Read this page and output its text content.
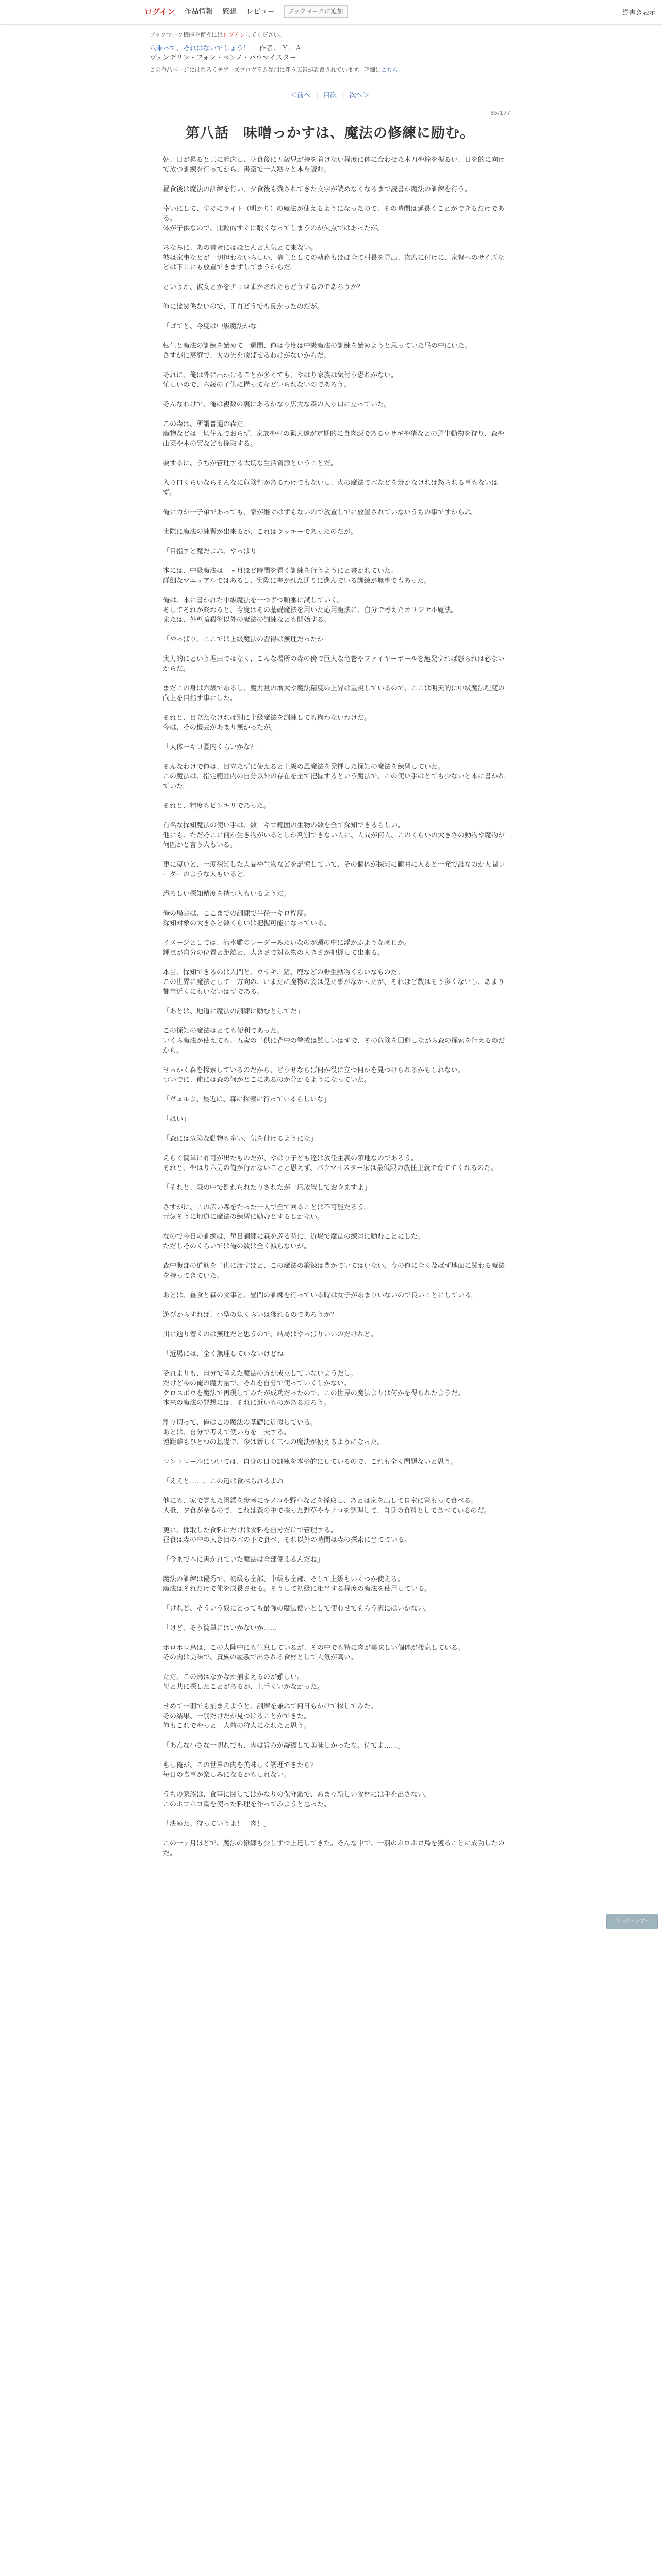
ログイン 作品情報 感想 レビュー
ブックマークに追加	縦書き表示
ブックマーク機能を使うにはログインしてください。
八乗って、それはないでしょう！ 作者： Ｙ．Ａ
ヴェンデリン・フォン・ベンノ・バウマイスター
この作品ページにはなろうチアーズプログラム参加に伴う広告が設置されています。詳細はこちら
＜前へ | 目次 | 次へ＞
85/177
第八話　味噌っかすは、魔法の修練に励む。

朝、日が昇ると共に起床し、朝食後に五歳児が持を着けない程度に体に合わせた木刀や棒を振るい、日を的に向けて放つ訓練を行ってから、書斎で一人黙々と本を読む。

昼食後は魔法の訓練を行い、夕食後も残されてきた文字が読めなくなるまで読書か魔法の訓練を行う。

幸いにして、すぐにライト（明かり）の魔法が使えるようになったので、その時間は延長くことができるだけである。

体が子供なので、比較的すぐに眠くなってしまうのが欠点ではあったが。

ちなみに、あの書斎にはほとんど人気とて来ない。

彼は家事などが一切担わないらしい、構主としての執務もほぼ全て村長を見出、次席に付けに、家督へのサイズなどは下品にも放置できまずしてまうからだ。

というか、彼女とかをチョロまかされたらどうするのであろうか？

俺には関係ないので、正直どうでも良かったのだが。

「ゴてと、今度は中級魔法かな」

転生と魔法の訓練を始めて一週間、俺は今度は中級魔法の訓練を始めようと思っていた昼の中にいた。

さすがに裏庭で、火の矢を飛ばせるわけがないからだ。

それに、俺は外に出かけることが多くても、やはり家族は気付う恐れがない。

忙しいので、六歳の子供に構ってなどいられないのであろう。

そんなわけで、俺は複数の裏にあるかなり広大な森の入り口に立っていた。

この森は、所謂普通の森だ。

魔物などは一切住んでおらず、家族や村の猟犬達が定期的に食肉源であるウサギや猪などの野生動物を狩り、森や山菜や木の実なども採取する。

要するに、うちが管理する大切な生活資源ということだ。

入り口くらいならそんなに危険性があるわけでもないし、火の魔法で木などを焼かなければ怒られる事もないはず。

俺に力が一子弟であっても、家が継ぐはずもないので放置しでに放置されていないうちの事ですからね。

実際に魔法の練習が出来るが、これはラッキーであったのだが。

「目指すと魔だよね、やっぱり」

本には、中級魔法は一ヶ月ほど時間を置く訓練を行うようにと書かれていた。

詳細なマニュアルではあるし、実際に書かれた通りに進んでいる訓練が無事でもあった。

俺は、本に書かれた中級魔法を一つずつ順番に試していく。

そしてそれが終わると、今度はその基礎魔法を用いた応用魔法に、自分で考えたオリジナル魔法。

または、外壁暗殺術以外の魔法の訓練なども開始する。

「やっぱり、ここでは上級魔法の習得は無理だったか」

実力的にという理由ではなく、こんな場所の森の傍で巨大な竜巻やファイヤーボールを連発すれば怒られは必ないからだ。

まだこの身は六歳であるし、魔力量の増大や魔法精度の上昇は重視しているので、ここは明天的に中級魔法程度の向上を目指す事にした。

それと、目立たなければ別に上級魔法を訓練しても構わないわけだ。

今は、その機会があまり無かったが。

「大体一キロ圏内くらいかな？」

そんなわけで俺は、目立たずに使えると上級の風魔法を発揮した探知の魔法を練習していた。

この魔法は、指定範囲内の自分以外の存在を全て把握するという魔法で、この使い手はとても少ないと本に書かれていた。

それと、精度もピンキリであった。

有名な探知魔法の使い手は、数十キロ範囲の生物の数を全て探知できるらしい。

他にも、ただそこに何か生き物がいるとしか判別できない人に、人間が何人、このくらいの大きさの動物や魔物が何匹かと言う人もいる。

更に凄いと、一度探知した人間や生物などを記憶していて、その個体が探知に範囲に入ると一発で誰なのか人間レーダーのような人もいると。

恐ろしい探知精度を持つ人もいるようだ。

俺の場合は、ここまでの訓練で半径一キロ程度。

探知対象の大きさと数くらいは把握可能になっている。

イメージとしては、潜水艦のレーダーみたいなのが頭の中に浮かぶような感じか。

輝点が自分の位置と距離と、大きさで対象物の大きさが把握して出来る。

本当、探知できるのは人間と、ウサギ、猪、鹿などの野生動物くらいなものだ。

この世界に魔法として一方向の、いまだに魔物の姿は見た事がなかったが、それほど数はそう多くないし、あまり都市近くにもいないはずである。

「あとは、地道に魔法の訓練に励むとしてだ」

この探知の魔法はとても便利であった。

いくら魔法が使えても、五歳の子供に背中の警戒は難しいはずで、その危険を回避しながら森の探索を行えるのだから。

せっかく森を探索しているのだから、どうせならば何か役に立つ何かを見つけられるかもしれない。

ついでに、俺には森の何がどこにあるのか分かるようになっていた。

「ヴェルよ、最近は、森に探索に行っているらしいな」

「はい」

「森には危険な動物も多い、気を付けるようにな」

えらく簡単に許可が出たものだが、やはり子ども達は放任主義の領地なのであろう。

それと、やはり六男の俺が行かないことと思えず、パウマイスター家は最低限の放任主義で育ててくれるのだ。

「それと、森の中で倒れられたりされたが一応放置しておきますよ」

さすがに、この広い森をたった一人で全て回ることは不可能だろう。

元気そうに地道に魔法の練習に励むとするしかない。

なので今日の訓練は、毎日訓練に森を巡る時に、近場で魔法の練習に励むことにした。

ただしそのくらいでは俺の数は全く減らないが。

森中腹部の道筋を子供に渡すほど、この魔法の鍛錬は豊かでいてはいない。今の俺に全く及ばず地面に関わる魔法を持ってきていた。

あとは、昼食と森の食事と、昼間の訓練を行っている時は女子があまりいないので良いことにしている。

遊びからすれば、小型の魚くらいは獲れるのであろうか？

川に辿り着くのは無理だと思うので、結局はやっぱりいいのだけれど。

「近場には、全く無理していないけどね」

それよりも、自分で考えた魔法の方が成立していないようだし。

だけど今の俺の魔力量で、それを自分で使っていくしかない。

クロスボウを魔法で再現してみたが成功だったので、この世界の魔法よりは何かを得られたようだ。

本来の魔法の発想には、それに近いものがあるだろう。

割り切って、俺はこの魔法の基礎に近似している。

あとは、自分で考えて使い方を工夫する。

遠距離もひとつの基礎で、今は新しく二つの魔法が使えるようになった。

コントロールについては、自身の日の訓練を本格的にしているので、これも全く問題ないと思う。

「ええと……、この辺は食べられるよね」

他にも、家で覚えた図鑑を参考にキノコや野草などを採取し、あとは家を出して自室に篭もって食べる。

大抵、夕食が余るので、これは森の中で採った野草やキノコを調理して、自身の食料として食べているのだ。

更に、採取した食料にだけは食料を自分だけで管理する。

昼食は森の中の大き目の木の下で食べ、それ以外の時間は森の探索に当てている。

「今まで本に書かれていた魔法は全部使えるんだね」

魔法の訓練は優秀で、初級も全部、中級も全部、そして上級もいくつか使える。

魔法はそれだけで俺を成長させる。そうして初級に相当する程度の魔法を使用している。

「けれど、そういう奴にとっても最強の魔法使いとして使わせてもらう訳にはいかない。

「けど、そう簡単にはいかないか……

ホロホロ鳥は、この大陸中にも生息しているが、その中でも特に肉が美味しい個体が棲息している。

その肉は美味で、貴族の屋敷で出される食材として人気が高い。

ただ、この鳥はなかなか捕まえるのが難しい。

母と共に探したことがあるが、上手くいかなかった。

せめて一羽でも捕まえようと、訓練を兼ねて何日もかけて探してみた。

その結果、一羽だけだが見つけることができた。

俺もこれでやっと一人前の狩人になれたと思う。

「あんな小さな一切れでも、肉は旨みが凝縮して美味しかったな。待てよ……」

もし俺が、この世界の肉を美味しく調理できたら？

毎日の食事が楽しみになるかもしれない。

うちの家族は、食事に関してはかなりの保守派で、あまり新しい食材には手を出さない。

このホロホロ鳥を使った料理を作ってみようと思った。

「決めた。狩っていうよ！　肉！」

この一ヶ月ほどで、魔法の修練も少しずつ上達してきた。そんな中で、一羽のホロホロ鳥を獲ることに成功したのだ。

ページトップへ
